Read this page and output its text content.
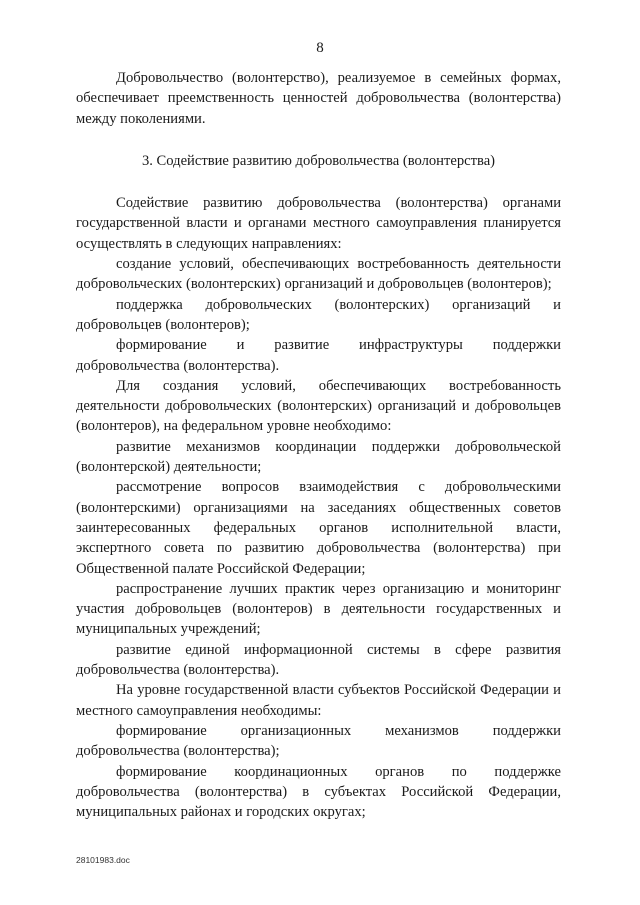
8

Добровольчество (волонтерство), реализуемое в семейных формах, обеспечивает преемственность ценностей добровольчества (волонтерства) между поколениями.

3. Содействие развитию добровольчества (волонтерства)

Содействие развитию добровольчества (волонтерства) органами государственной власти и органами местного самоуправления планируется осуществлять в следующих направлениях:

создание условий, обеспечивающих востребованность деятельности добровольческих (волонтерских) организаций и добровольцев (волонтеров);

поддержка добровольческих (волонтерских) организаций и добровольцев (волонтеров);

формирование и развитие инфраструктуры поддержки добровольчества (волонтерства).

Для создания условий, обеспечивающих востребованность деятельности добровольческих (волонтерских) организаций и добровольцев (волонтеров), на федеральном уровне необходимо:

развитие механизмов координации поддержки добровольческой (волонтерской) деятельности;

рассмотрение вопросов взаимодействия с добровольческими (волонтерскими) организациями на заседаниях общественных советов заинтересованных федеральных органов исполнительной власти, экспертного совета по развитию добровольчества (волонтерства) при Общественной палате Российской Федерации;

распространение лучших практик через организацию и мониторинг участия добровольцев (волонтеров) в деятельности государственных и муниципальных учреждений;

развитие единой информационной системы в сфере развития добровольчества (волонтерства).

На уровне государственной власти субъектов Российской Федерации и местного самоуправления необходимы:

формирование организационных механизмов поддержки добровольчества (волонтерства);

формирование координационных органов по поддержке добровольчества (волонтерства) в субъектах Российской Федерации, муниципальных районах и городских округах;

28101983.doc
